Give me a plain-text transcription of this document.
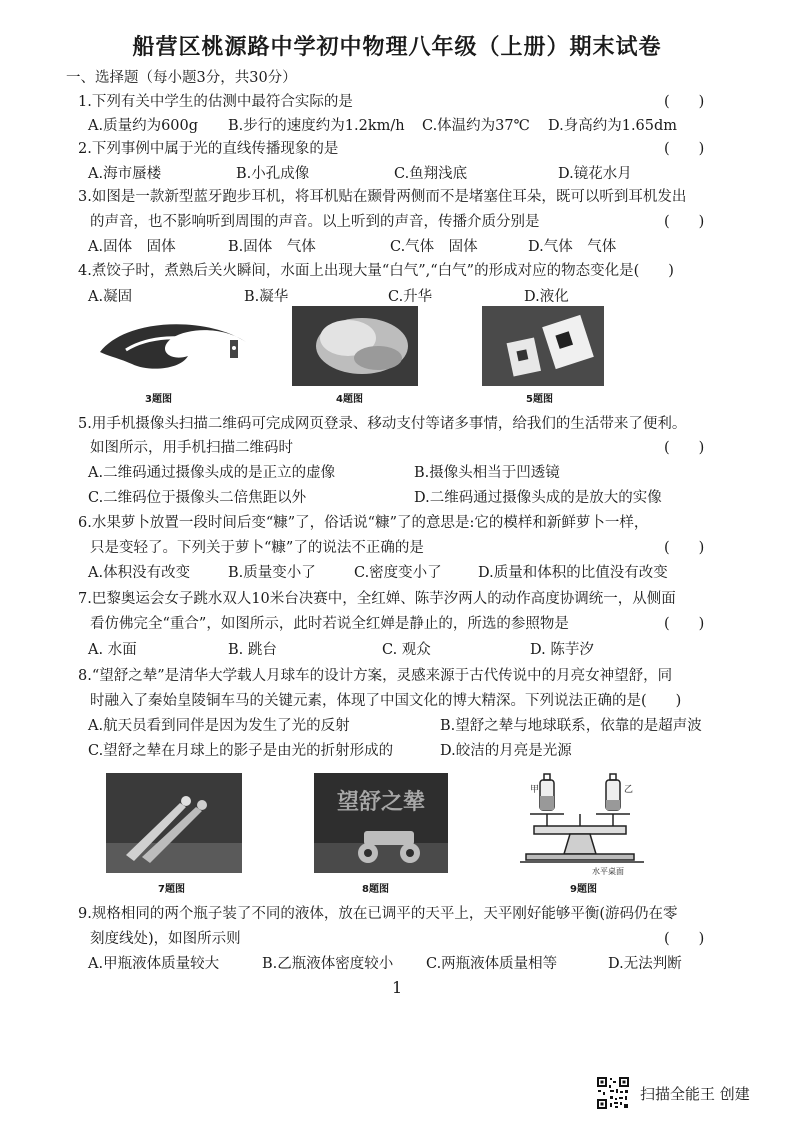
船营区桃源路中学初中物理八年级（上册）期末试卷
一、选择题（每小题3分，共30分）
1.下列有关中学生的估测中最符合实际的是	(　　)
A.质量约为600g B.步行的速度约为1.2km/h C.体温约为37℃ D.身高约为1.65dm
2.下列事例中属于光的直线传播现象的是	(　　)
A.海市蜃楼	B.小孔成像	C.鱼翔浅底	D.镜花水月
3.如图是一款新型蓝牙跑步耳机，将耳机贴在颞骨两侧而不是堵塞住耳朵，既可以听到耳机发出
的声音，也不影响听到周围的声音。以上听到的声音，传播介质分别是	(　　)
A.固体　固体	B.固体　气体	C.气体　固体	D.气体　气体
4.煮饺子时，煮熟后关火瞬间，水面上出现大量“白气”,“白气”的形成对应的物态变化是(　　)
A.凝固	B.凝华	C.升华	D.液化
3题图	4题图	5题图
5.用手机摄像头扫描二维码可完成网页登录、移动支付等诸多事情，给我们的生活带来了便利。
如图所示，用手机扫描二维码时	(　　)
A.二维码通过摄像头成的是正立的虚像	B.摄像头相当于凹透镜
C.二维码位于摄像头二倍焦距以外	D.二维码通过摄像头成的是放大的实像
6.水果萝卜放置一段时间后变“糠”了，俗话说“糠”了的意思是:它的模样和新鲜萝卜一样，
只是变轻了。下列关于萝卜“糠”了的说法不正确的是	(　　)
A.体积没有改变	B.质量变小了	C.密度变小了	D.质量和体积的比值没有改变
7.巴黎奥运会女子跳水双人10米台决赛中，全红婵、陈芋汐两人的动作高度协调统一，从侧面
看仿佛完全“重合”，如图所示，此时若说全红婵是静止的，所选的参照物是	(　　)
A. 水面	B. 跳台	C. 观众	D. 陈芋汐
8.“望舒之辇”是清华大学载人月球车的设计方案，灵感来源于古代传说中的月亮女神望舒，同
时融入了秦始皇陵铜车马的关键元素，体现了中国文化的博大精深。下列说法正确的是(　　)
A.航天员看到同伴是因为发生了光的反射	B.望舒之辇与地球联系，依靠的是超声波
C.望舒之辇在月球上的影子是由光的折射形成的	D.皎洁的月亮是光源
望舒之辇	甲	乙
水平桌面
7题图	8题图	9题图
9.规格相同的两个瓶子装了不同的液体，放在已调平的天平上，天平刚好能够平衡(游码仍在零
刻度线处)，如图所示则	(　　)
A.甲瓶液体质量较大	B.乙瓶液体密度较小 C.两瓶液体质量相等	D.无法判断
1
扫描全能王 创建
